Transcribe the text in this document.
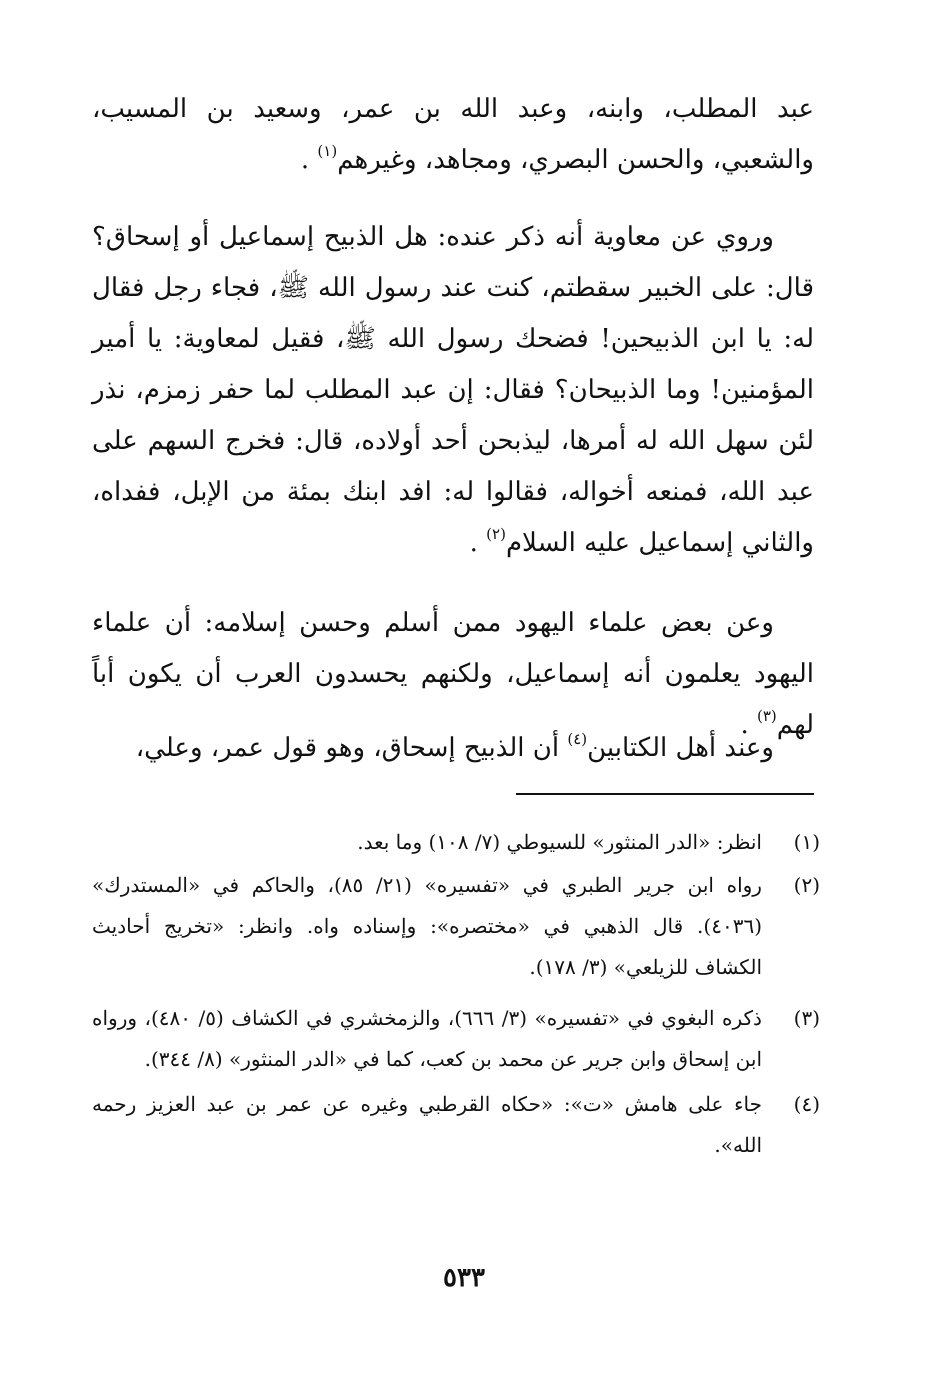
عبد المطلب، وابنه، وعبد الله بن عمر، وسعيد بن المسيب، والشعبي، والحسن البصري، ومجاهد، وغيرهم$^{(١)}$ .

وروي عن معاوية أنه ذكر عنده: هل الذبيح إسماعيل أو إسحاق؟ قال: على الخبير سقطتم، كنت عند رسول الله ﷺ، فجاء رجل فقال له: يا ابن الذبيحين! فضحك رسول الله ﷺ، فقيل لمعاوية: يا أمير المؤمنين! وما الذبيحان؟ فقال: إن عبد المطلب لما حفر زمزم، نذر لئن سهل الله له أمرها، ليذبحن أحد أولاده، قال: فخرج السهم على عبد الله، فمنعه أخواله، فقالوا له: افد ابنك بمئة من الإبل، ففداه، والثاني إسماعيل عليه السلام$^{(٢)}$ .

وعن بعض علماء اليهود ممن أسلم وحسن إسلامه: أن علماء اليهود يعلمون أنه إسماعيل، ولكنهم يحسدون العرب أن يكون أباً لهم$^{(٣)}$ .

وعند أهل الكتابين$^{(٤)}$ أن الذبيح إسحاق، وهو قول عمر، وعلي،

(١)
انظر: «الدر المنثور» للسيوطي (٧/ ١٠٨) وما بعد.
(٢)
رواه ابن جرير الطبري في «تفسيره» (٢١/ ٨٥)، والحاكم في «المستدرك» (٤٠٣٦). قال الذهبي في «مختصره»: وإسناده واه. وانظر: «تخريج أحاديث الكشاف للزيلعي» (٣/ ١٧٨).
(٣)
ذكره البغوي في «تفسيره» (٣/ ٦٦٦)، والزمخشري في الكشاف (٥/ ٤٨٠)، ورواه ابن إسحاق وابن جرير عن محمد بن كعب، كما في «الدر المنثور» (٨/ ٣٤٤).
(٤)
جاء على هامش «ت»: «حكاه القرطبي وغيره عن عمر بن عبد العزيز رحمه الله».
٥٣٣
